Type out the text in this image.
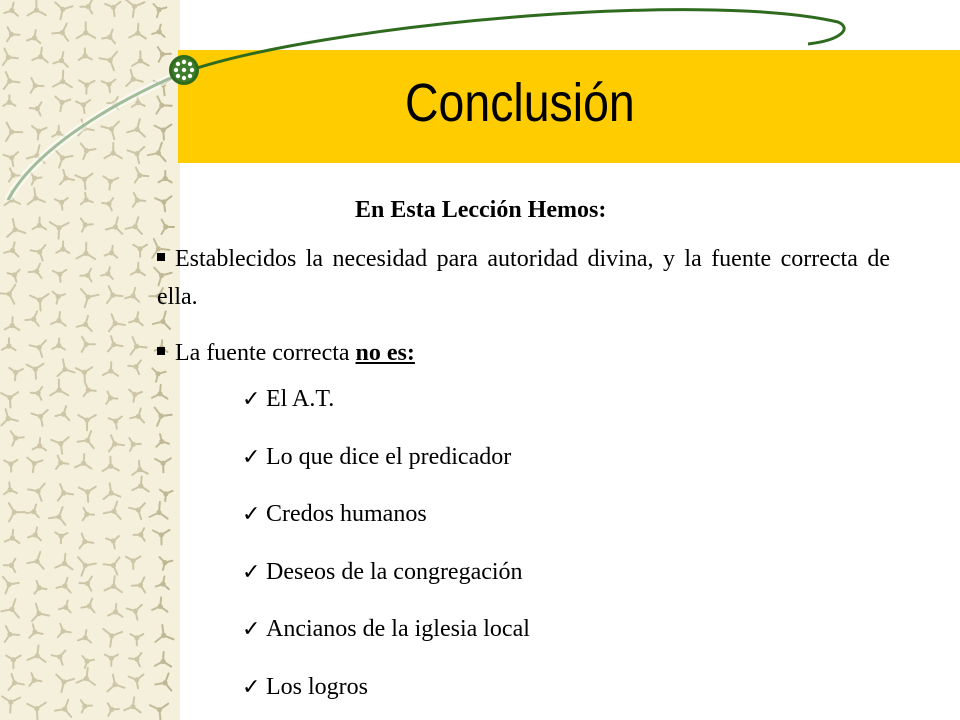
Conclusión
En Esta Lección Hemos:
Establecidos la necesidad para autoridad divina, y la fuente correcta de ella.
La fuente correcta no es:
✓ El A.T.
✓ Lo que dice el predicador
✓ Credos humanos
✓ Deseos de la congregación
✓ Ancianos de la iglesia local
✓ Los logros
